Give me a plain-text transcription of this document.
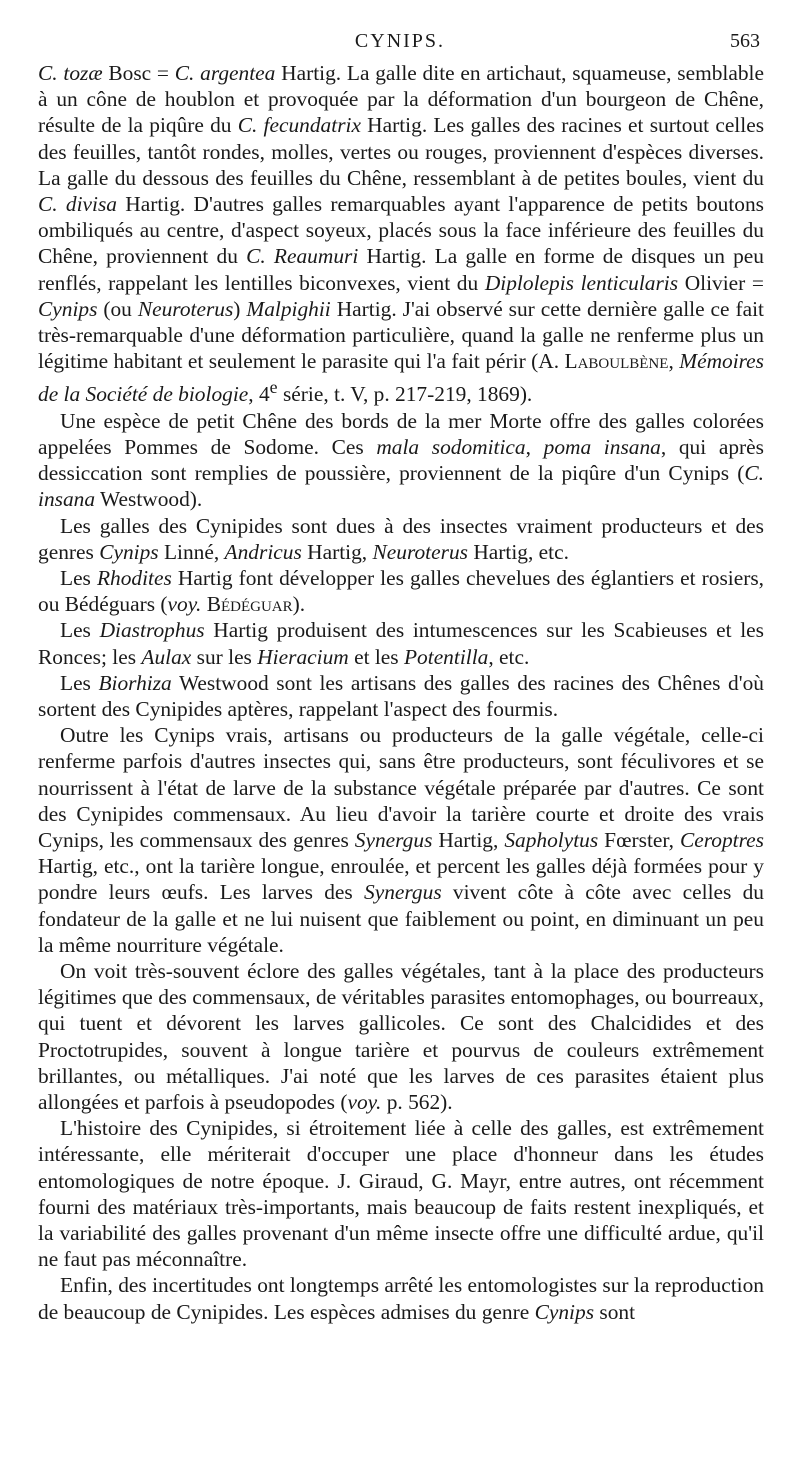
CYNIPS.	563

C. tozæ Bosc = C. argentea Hartig. La galle dite en artichaut, squameuse, semblable à un cône de houblon et provoquée par la déformation d'un bourgeon de Chêne, résulte de la piqûre du C. fecundatrix Hartig. Les galles des racines et surtout celles des feuilles, tantôt rondes, molles, vertes ou rouges, proviennent d'espèces diverses. La galle du dessous des feuilles du Chêne, ressemblant à de petites boules, vient du C. divisa Hartig. D'autres galles remarquables ayant l'apparence de petits boutons ombiliqués au centre, d'aspect soyeux, placés sous la face inférieure des feuilles du Chêne, proviennent du C. Reaumuri Hartig. La galle en forme de disques un peu renflés, rappelant les lentilles biconvexes, vient du Diplolepis lenticularis Olivier = Cynips (ou Neuroterus) Malpighii Hartig. J'ai observé sur cette dernière galle ce fait très-remarquable d'une déformation particulière, quand la galle ne renferme plus un légitime habitant et seulement le parasite qui l'a fait périr (A. Laboulbène, Mémoires de la Société de biologie, 4e série, t. V, p. 217-219, 1869).

Une espèce de petit Chêne des bords de la mer Morte offre des galles colorées appelées Pommes de Sodome. Ces mala sodomitica, poma insana, qui après dessiccation sont remplies de poussière, proviennent de la piqûre d'un Cynips (C. insana Westwood).

Les galles des Cynipides sont dues à des insectes vraiment producteurs et des genres Cynips Linné, Andricus Hartig, Neuroterus Hartig, etc.

Les Rhodites Hartig font développer les galles chevelues des églantiers et rosiers, ou Bédéguars (voy. Bédéguar).

Les Diastrophus Hartig produisent des intumescences sur les Scabieuses et les Ronces; les Aulax sur les Hieracium et les Potentilla, etc.

Les Biorhiza Westwood sont les artisans des galles des racines des Chênes d'où sortent des Cynipides aptères, rappelant l'aspect des fourmis.

Outre les Cynips vrais, artisans ou producteurs de la galle végétale, celle-ci renferme parfois d'autres insectes qui, sans être producteurs, sont féculivores et se nourrissent à l'état de larve de la substance végétale préparée par d'autres. Ce sont des Cynipides commensaux. Au lieu d'avoir la tarière courte et droite des vrais Cynips, les commensaux des genres Synergus Hartig, Sapholytus Fœrster, Ceroptres Hartig, etc., ont la tarière longue, enroulée, et percent les galles déjà formées pour y pondre leurs œufs. Les larves des Synergus vivent côte à côte avec celles du fondateur de la galle et ne lui nuisent que faiblement ou point, en diminuant un peu la même nourriture végétale.

On voit très-souvent éclore des galles végétales, tant à la place des producteurs légitimes que des commensaux, de véritables parasites entomophages, ou bourreaux, qui tuent et dévorent les larves gallicoles. Ce sont des Chalcidides et des Proctotrupides, souvent à longue tarière et pourvus de couleurs extrêmement brillantes, ou métalliques. J'ai noté que les larves de ces parasites étaient plus allongées et parfois à pseudopodes (voy. p. 562).

L'histoire des Cynipides, si étroitement liée à celle des galles, est extrêmement intéressante, elle mériterait d'occuper une place d'honneur dans les études entomologiques de notre époque. J. Giraud, G. Mayr, entre autres, ont récemment fourni des matériaux très-importants, mais beaucoup de faits restent inexpliqués, et la variabilité des galles provenant d'un même insecte offre une difficulté ardue, qu'il ne faut pas méconnaître.

Enfin, des incertitudes ont longtemps arrêté les entomologistes sur la reproduction de beaucoup de Cynipides. Les espèces admises du genre Cynips sont
